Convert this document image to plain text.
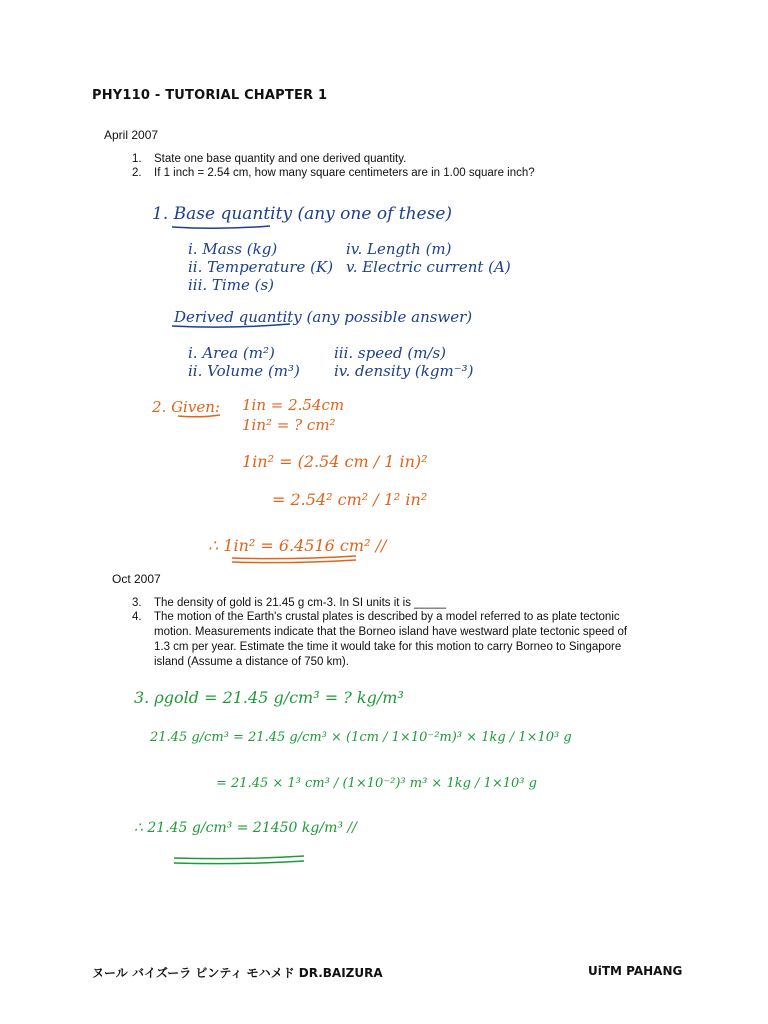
PHY110 - TUTORIAL CHAPTER 1
April 2007
1. State one base quantity and one derived quantity.
2. If 1 inch = 2.54 cm, how many square centimeters are in 1.00 square inch?
1. Base quantity (any one of these)
i. Mass (kg)
ii. Temperature (K)
iii. Time (s)
iv. Length (m)
v. Electric current (A)
Derived quantity (any possible answer)
i. Area (m²)
ii. Volume (m³)
iii. speed (m/s)
iv. density (kgm⁻³)
2. Given: 1in = 2.54cm
1in² = ? cm²
1in² = (2.54 cm / 1 in)²
= 2.54² cm² / 1² in²
∴ 1in² = 6.4516 cm² //
Oct 2007
3. The density of gold is 21.45 g cm-3. In SI units it is _____
4.	The motion of the Earth's crustal plates is described by a model referred to as plate tectonic motion. Measurements indicate that the Borneo island have westward plate tectonic speed of 1.3 cm per year. Estimate the time it would take for this motion to carry Borneo to Singapore island (Assume a distance of 750 km).
3. ρgold = 21.45 g/cm³ = ? kg/m³
21.45 g/cm³ = 21.45 g/cm³ × (1cm / 1×10⁻²m)³ × 1kg / 1×10³ g
= 21.45 × 1³ cm³ / (1×10⁻²)³ m³ × 1kg / 1×10³ g
∴ 21.45 g/cm³ = 21450 kg/m³ //
ヌール バイズーラ ビンティ モハメド DR.BAIZURA	UiTM PAHANG
